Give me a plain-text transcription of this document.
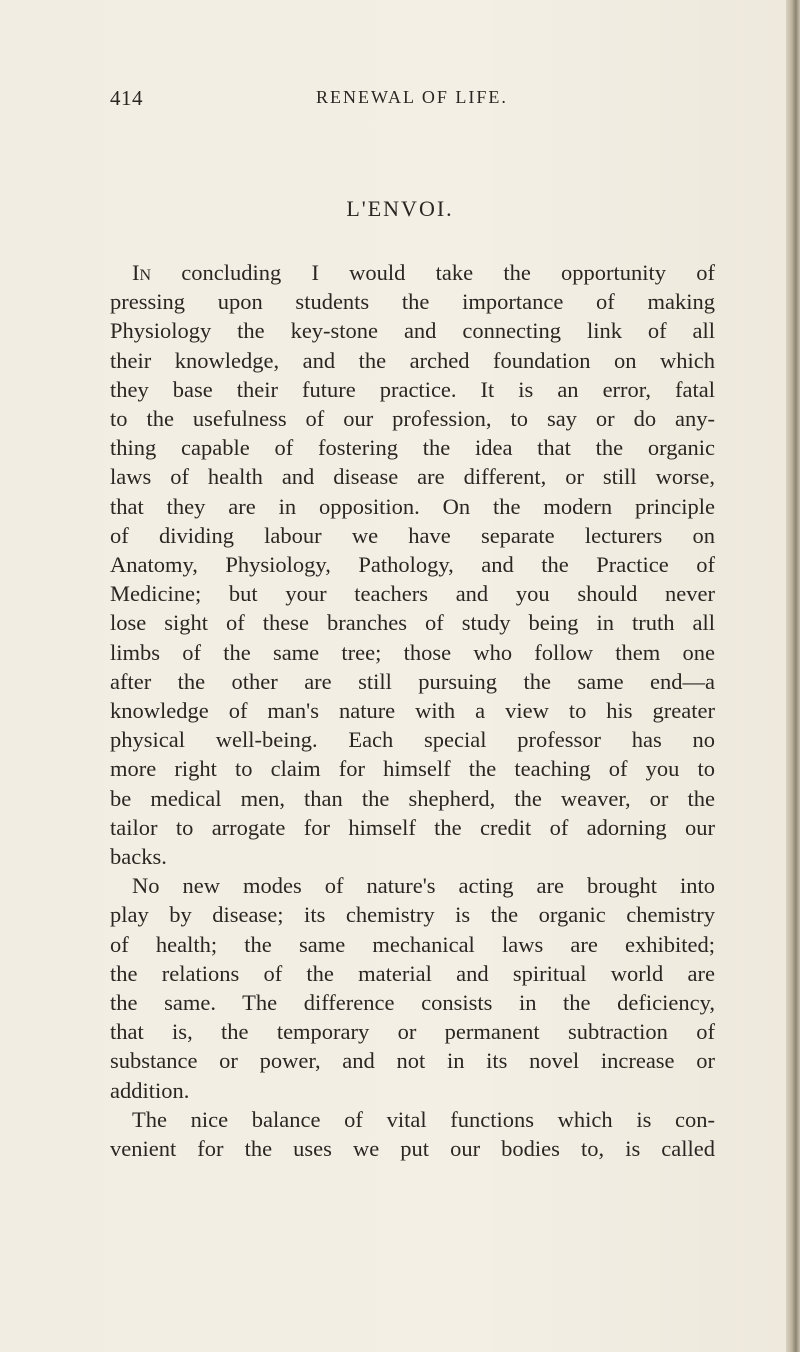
414	RENEWAL OF LIFE.
L'ENVOI.
In concluding I would take the opportunity of
pressing upon students the importance of making
Physiology the key-stone and connecting link of all
their knowledge, and the arched foundation on which
they base their future practice. It is an error, fatal
to the usefulness of our profession, to say or do any-
thing capable of fostering the idea that the organic
laws of health and disease are different, or still worse,
that they are in opposition. On the modern principle
of dividing labour we have separate lecturers on
Anatomy, Physiology, Pathology, and the Practice of
Medicine; but your teachers and you should never
lose sight of these branches of study being in truth all
limbs of the same tree; those who follow them one
after the other are still pursuing the same end—a
knowledge of man's nature with a view to his greater
physical well-being. Each special professor has no
more right to claim for himself the teaching of you to
be medical men, than the shepherd, the weaver, or the
tailor to arrogate for himself the credit of adorning our
backs.
No new modes of nature's acting are brought into
play by disease; its chemistry is the organic chemistry
of health; the same mechanical laws are exhibited;
the relations of the material and spiritual world are
the same. The difference consists in the deficiency,
that is, the temporary or permanent subtraction of
substance or power, and not in its novel increase or
addition.
The nice balance of vital functions which is con-
venient for the uses we put our bodies to, is called
